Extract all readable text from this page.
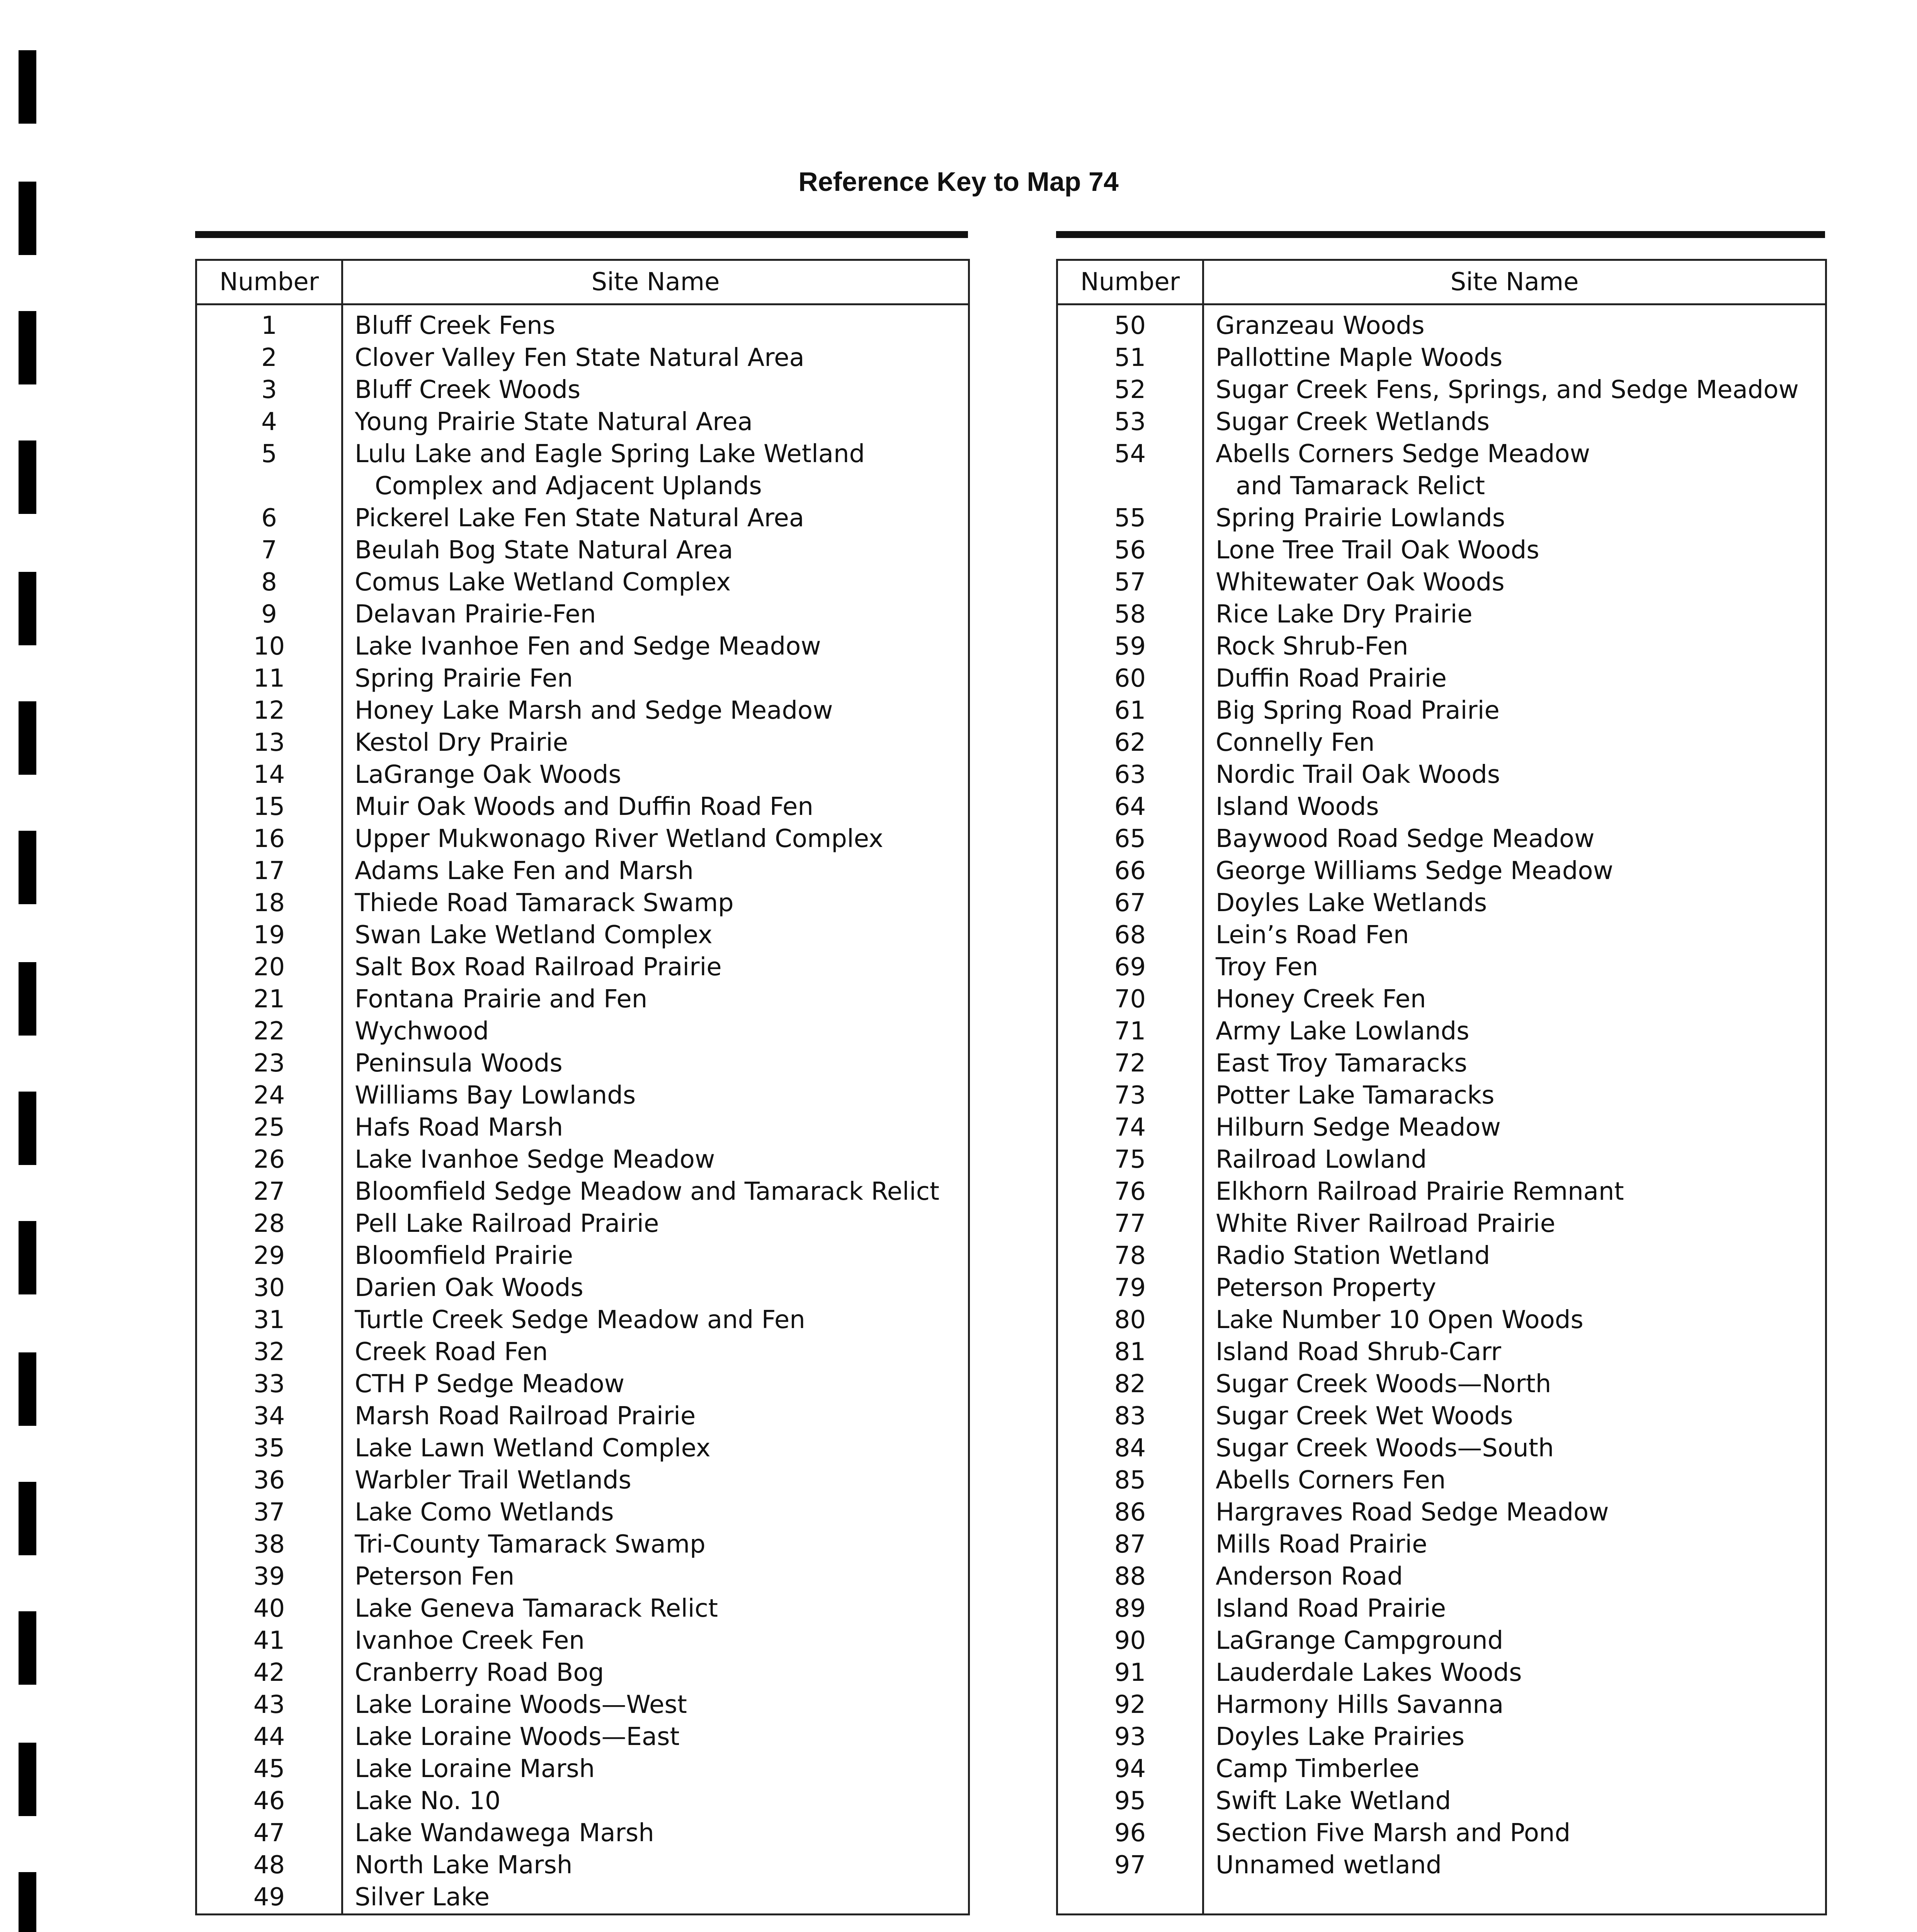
Reference Key to Map 74
Number	Site Name
1	Bluff Creek Fens
2	Clover Valley Fen State Natural Area
3	Bluff Creek Woods
4	Young Prairie State Natural Area
5	Lulu Lake and Eagle Spring Lake Wetland
Complex and Adjacent Uplands

6	Pickerel Lake Fen State Natural Area
7	Beulah Bog State Natural Area
8	Comus Lake Wetland Complex
9	Delavan Prairie-Fen
10	Lake Ivanhoe Fen and Sedge Meadow
11	Spring Prairie Fen
12	Honey Lake Marsh and Sedge Meadow
13	Kestol Dry Prairie
14	LaGrange Oak Woods
15	Muir Oak Woods and Duffin Road Fen
16	Upper Mukwonago River Wetland Complex
17	Adams Lake Fen and Marsh
18	Thiede Road Tamarack Swamp
19	Swan Lake Wetland Complex
20	Salt Box Road Railroad Prairie
21	Fontana Prairie and Fen
22	Wychwood
23	Peninsula Woods
24	Williams Bay Lowlands
25	Hafs Road Marsh
26	Lake Ivanhoe Sedge Meadow
27	Bloomfield Sedge Meadow and Tamarack Relict
28	Pell Lake Railroad Prairie
29	Bloomfield Prairie
30	Darien Oak Woods
31	Turtle Creek Sedge Meadow and Fen
32	Creek Road Fen
33	CTH P Sedge Meadow
34	Marsh Road Railroad Prairie
35	Lake Lawn Wetland Complex
36	Warbler Trail Wetlands
37	Lake Como Wetlands
38	Tri-County Tamarack Swamp
39	Peterson Fen
40	Lake Geneva Tamarack Relict
41	Ivanhoe Creek Fen
42	Cranberry Road Bog
43	Lake Loraine Woods—West
44	Lake Loraine Woods—East
45	Lake Loraine Marsh
46	Lake No. 10
47	Lake Wandawega Marsh
48	North Lake Marsh
49	Silver Lake
Number	Site Name
50	Granzeau Woods
51	Pallottine Maple Woods
52	Sugar Creek Fens, Springs, and Sedge Meadow
53	Sugar Creek Wetlands
54	Abells Corners Sedge Meadow
and Tamarack Relict

55	Spring Prairie Lowlands
56	Lone Tree Trail Oak Woods
57	Whitewater Oak Woods
58	Rice Lake Dry Prairie
59	Rock Shrub-Fen
60	Duffin Road Prairie
61	Big Spring Road Prairie
62	Connelly Fen
63	Nordic Trail Oak Woods
64	Island Woods
65	Baywood Road Sedge Meadow
66	George Williams Sedge Meadow
67	Doyles Lake Wetlands
68	Lein’s Road Fen
69	Troy Fen
70	Honey Creek Fen
71	Army Lake Lowlands
72	East Troy Tamaracks
73	Potter Lake Tamaracks
74	Hilburn Sedge Meadow
75	Railroad Lowland
76	Elkhorn Railroad Prairie Remnant
77	White River Railroad Prairie
78	Radio Station Wetland
79	Peterson Property
80	Lake Number 10 Open Woods
81	Island Road Shrub-Carr
82	Sugar Creek Woods—North
83	Sugar Creek Wet Woods
84	Sugar Creek Woods—South
85	Abells Corners Fen
86	Hargraves Road Sedge Meadow
87	Mills Road Prairie
88	Anderson Road
89	Island Road Prairie
90	LaGrange Campground
91	Lauderdale Lakes Woods
92	Harmony Hills Savanna
93	Doyles Lake Prairies
94	Camp Timberlee
95	Swift Lake Wetland
96	Section Five Marsh and Pond
97	Unnamed wetland
